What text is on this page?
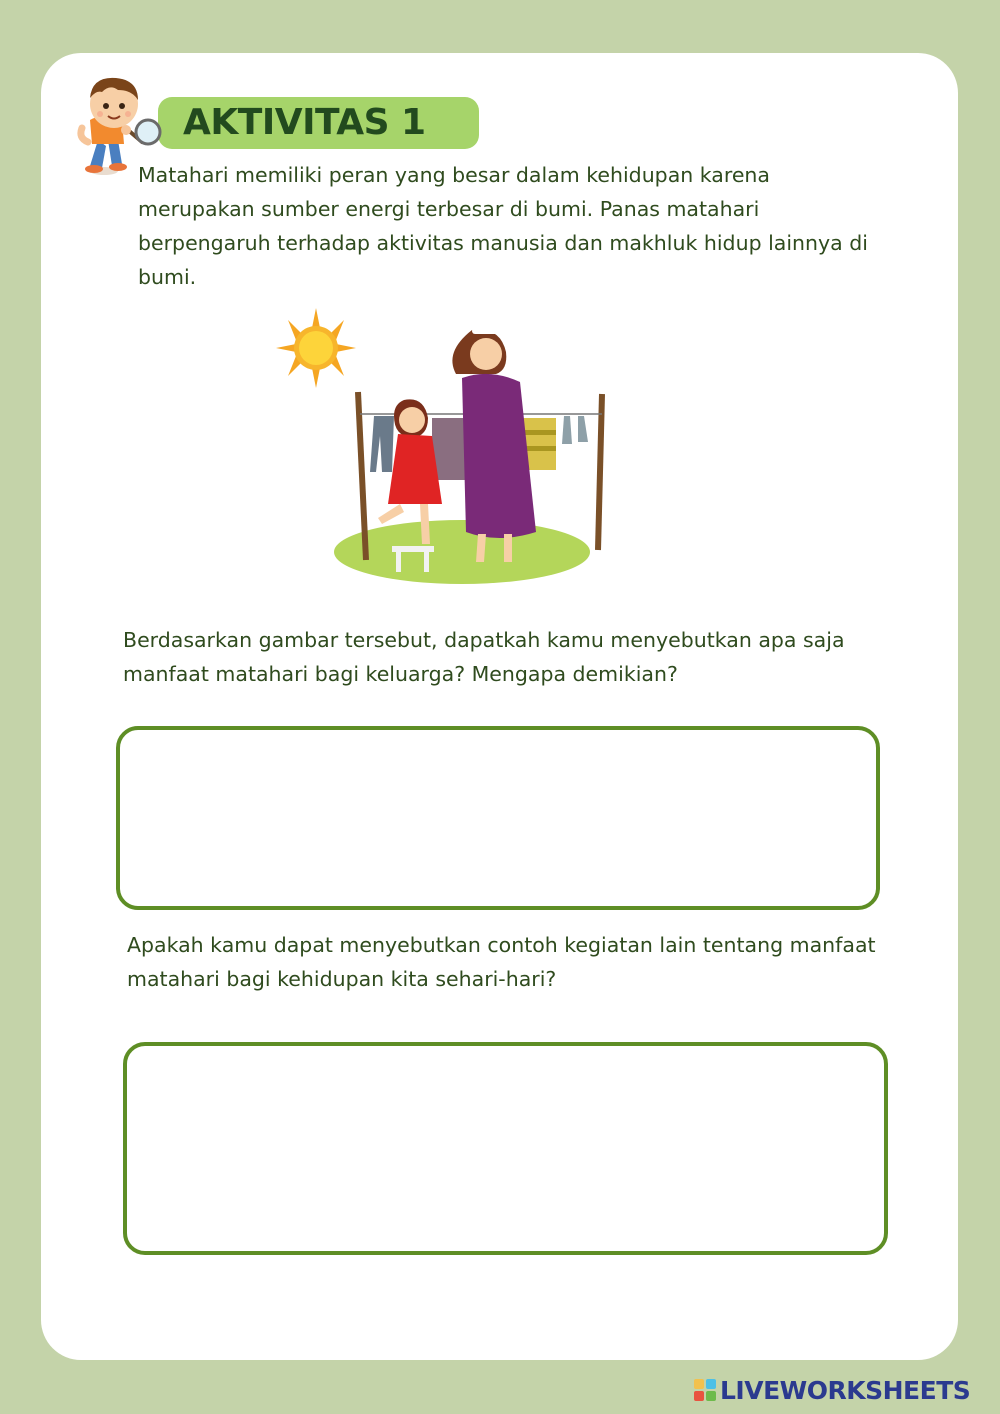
AKTIVITAS 1

Matahari memiliki peran yang besar dalam kehidupan karena merupakan sumber energi terbesar di bumi. Panas matahari berpengaruh terhadap aktivitas manusia dan makhluk hidup lainnya di bumi.

Berdasarkan gambar tersebut, dapatkah kamu menyebutkan apa saja manfaat matahari bagi keluarga? Mengapa demikian?

Apakah kamu dapat menyebutkan contoh kegiatan lain tentang manfaat matahari bagi kehidupan kita sehari-hari?

LIVEWORKSHEETS
